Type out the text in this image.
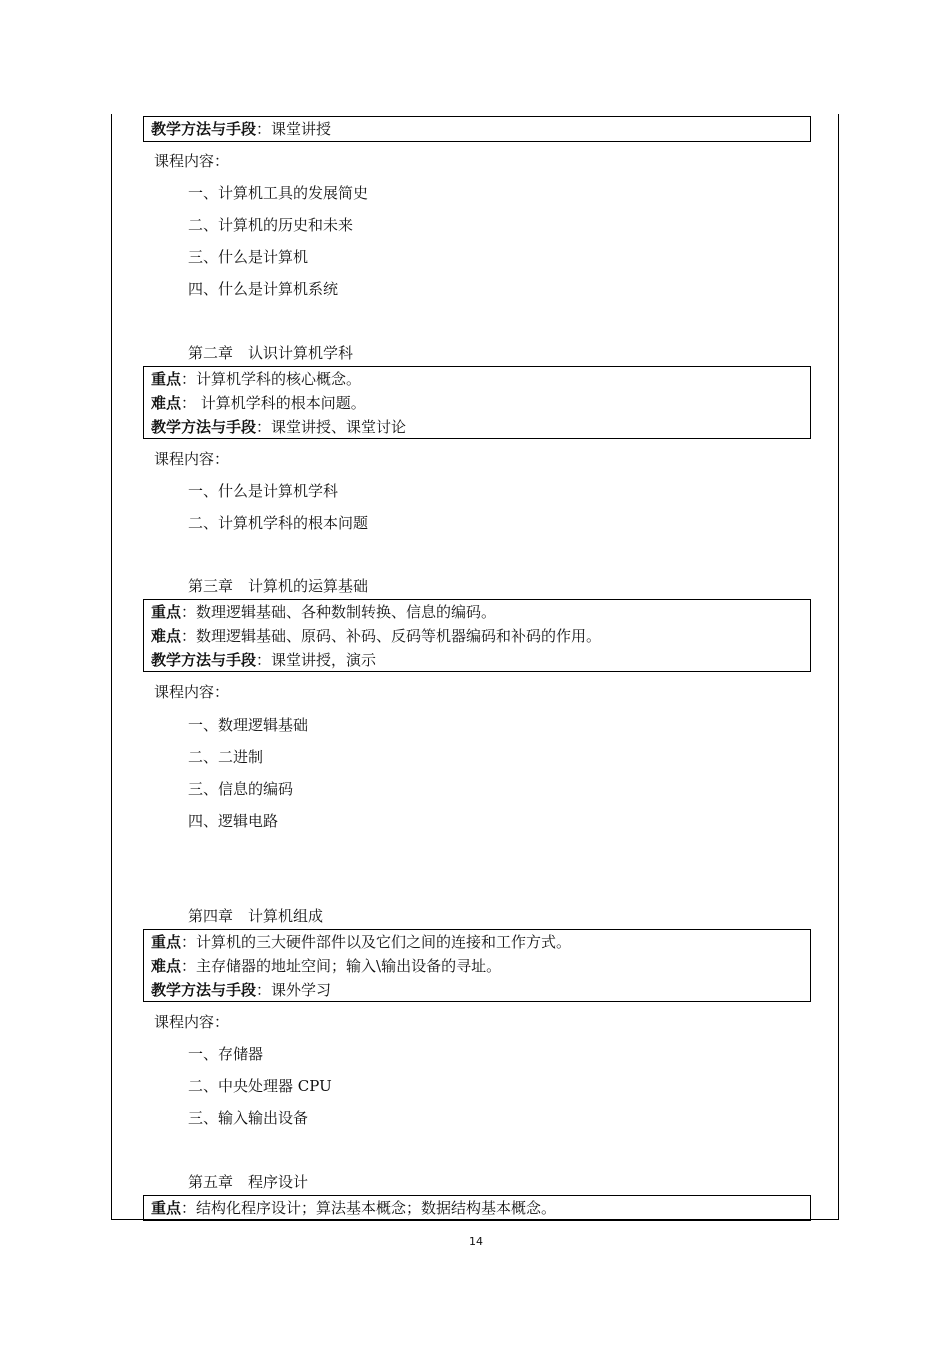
教学方法与手段：课堂讲授
课程内容：
一、计算机工具的发展简史
二、计算机的历史和未来
三、什么是计算机
四、什么是计算机系统
第二章　认识计算机学科
重点：计算机学科的核心概念。
难点： 计算机学科的根本问题。
教学方法与手段：课堂讲授、课堂讨论
课程内容：
一、什么是计算机学科
二、计算机学科的根本问题
第三章　计算机的运算基础
重点：数理逻辑基础、各种数制转换、信息的编码。
难点：数理逻辑基础、原码、补码、反码等机器编码和补码的作用。
教学方法与手段：课堂讲授，演示
课程内容：
一、数理逻辑基础
二、二进制
三、信息的编码
四、逻辑电路
第四章　计算机组成
重点：计算机的三大硬件部件以及它们之间的连接和工作方式。
难点：主存储器的地址空间；输入\输出设备的寻址。
教学方法与手段：课外学习
课程内容：
一、存储器
二、中央处理器 CPU
三、输入输出设备
第五章　程序设计
重点：结构化程序设计；算法基本概念；数据结构基本概念。
14
